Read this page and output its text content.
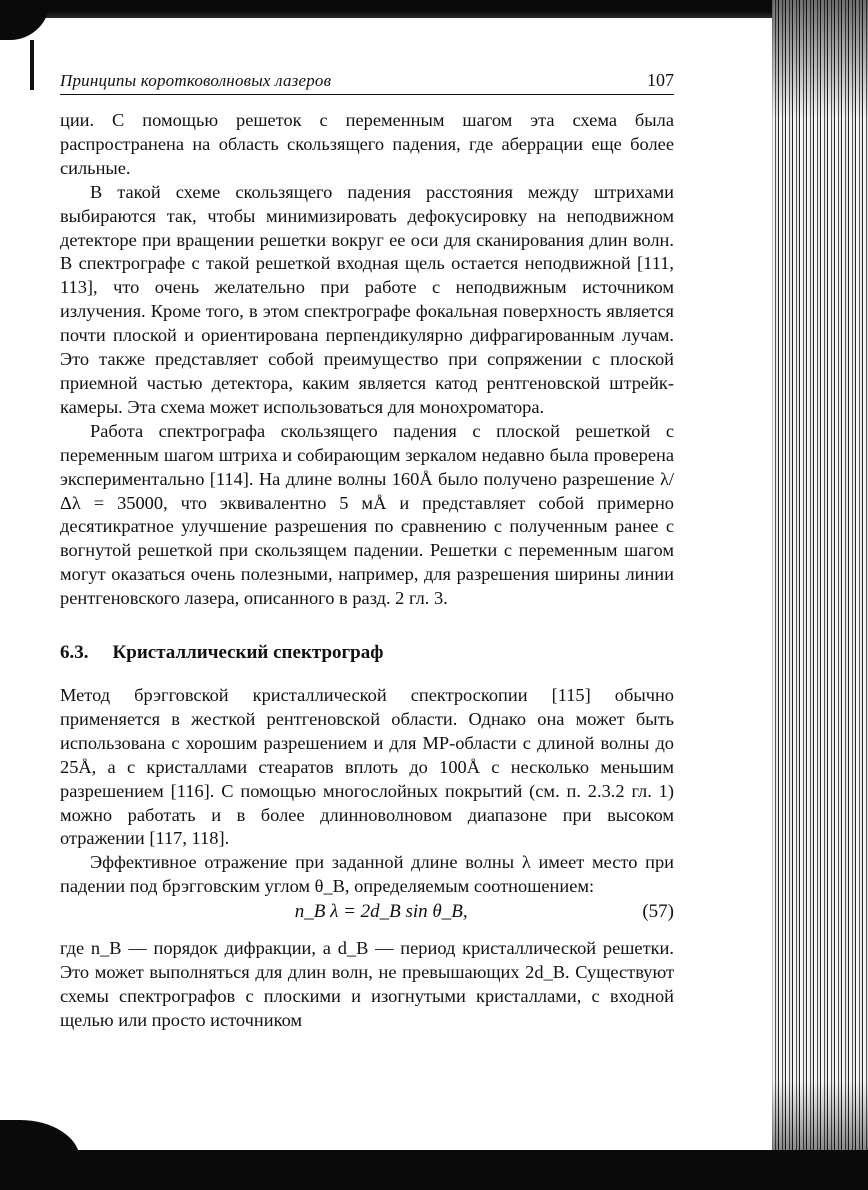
Принципы коротковолновых лазеров	107

ции. С помощью решеток с переменным шагом эта схема была распространена на область скользящего падения, где аберрации еще более сильные.

В такой схеме скользящего падения расстояния между штрихами выбираются так, чтобы минимизировать дефокусировку на неподвижном детекторе при вращении решетки вокруг ее оси для сканирования длин волн. В спектрографе с такой решеткой входная щель остается неподвижной [111, 113], что очень желательно при работе с неподвижным источником излучения. Кроме того, в этом спектрографе фокальная поверхность является почти плоской и ориентирована перпендикулярно дифрагированным лучам. Это также представляет собой преимущество при сопряжении с плоской приемной частью детектора, каким является катод рентгеновской штрейк-камеры. Эта схема может использоваться для монохроматора.

Работа спектрографа скользящего падения с плоской решеткой с переменным шагом штриха и собирающим зеркалом недавно была проверена экспериментально [114]. На длине волны 160Å было получено разрешение λ/Δλ = 35000, что эквивалентно 5 мÅ и представляет собой примерно десятикратное улучшение разрешения по сравнению с полученным ранее с вогнутой решеткой при скользящем падении. Решетки с переменным шагом могут оказаться очень полезными, например, для разрешения ширины линии рентгеновского лазера, описанного в разд. 2 гл. 3.

6.3. Кристаллический спектрограф

Метод брэгговской кристаллической спектроскопии [115] обычно применяется в жесткой рентгеновской области. Однако она может быть использована с хорошим разрешением и для МР-области с длиной волны до 25Å, а с кристаллами стеаратов вплоть до 100Å с несколько меньшим разрешением [116]. С помощью многослойных покрытий (см. п. 2.3.2 гл. 1) можно работать и в более длинноволновом диапазоне при высоком отражении [117, 118].

Эффективное отражение при заданной длине волны λ имеет место при падении под брэгговским углом θ_B, определяемым соотношением:

n_B λ = 2d_B sin θ_B,	(57)

где n_B — порядок дифракции, а d_B — период кристаллической решетки. Это может выполняться для длин волн, не превышающих 2d_B. Существуют схемы спектрографов с плоскими и изогнутыми кристаллами, с входной щелью или просто источником
